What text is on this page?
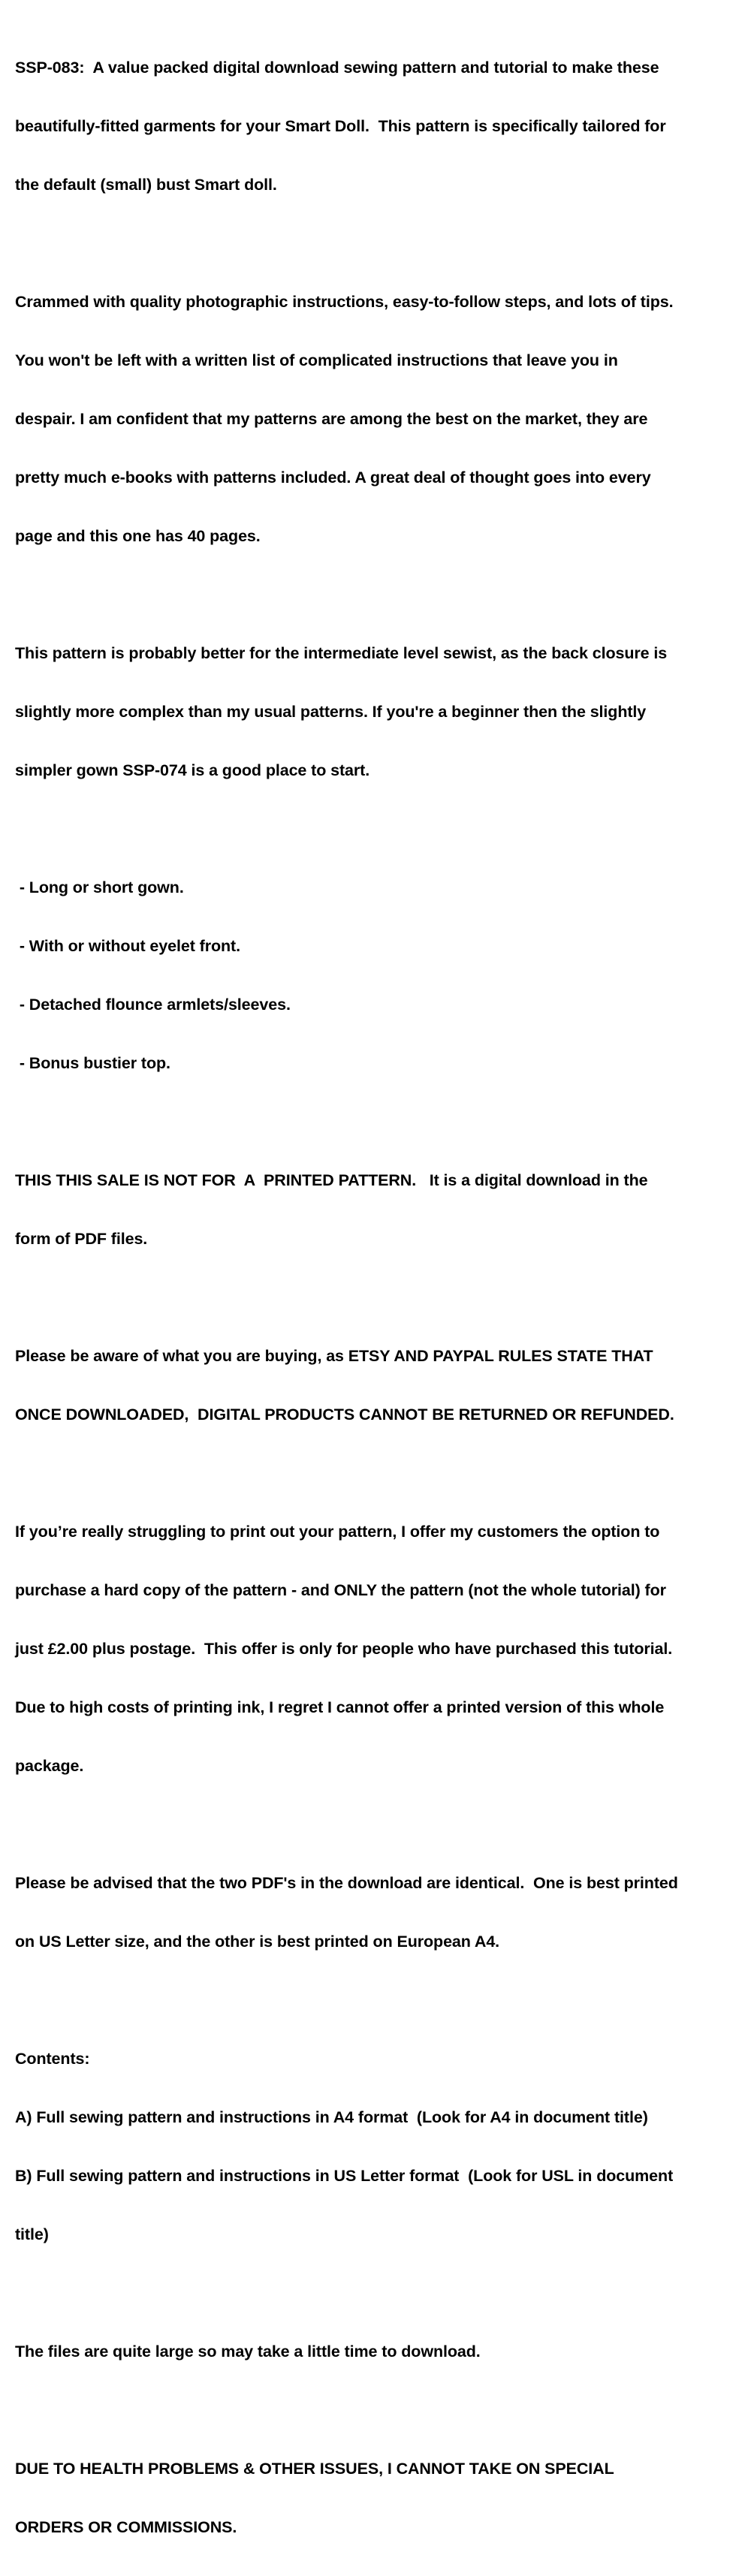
SSP-083:  A value packed digital download sewing pattern and tutorial to make these

beautifully-fitted garments for your Smart Doll.  This pattern is specifically tailored for

the default (small) bust Smart doll.

Crammed with quality photographic instructions, easy-to-follow steps, and lots of tips.

You won't be left with a written list of complicated instructions that leave you in

despair. I am confident that my patterns are among the best on the market, they are

pretty much e-books with patterns included. A great deal of thought goes into every

page and this one has 40 pages.

This pattern is probably better for the intermediate level sewist, as the back closure is

slightly more complex than my usual patterns. If you're a beginner then the slightly

simpler gown SSP-074 is a good place to start.

- Long or short gown.

- With or without eyelet front.

- Detached flounce armlets/sleeves.

- Bonus bustier top.

THIS THIS SALE IS NOT FOR  A  PRINTED PATTERN.   It is a digital download in the

form of PDF files.

Please be aware of what you are buying, as ETSY AND PAYPAL RULES STATE THAT

ONCE DOWNLOADED,  DIGITAL PRODUCTS CANNOT BE RETURNED OR REFUNDED.

If you’re really struggling to print out your pattern, I offer my customers the option to

purchase a hard copy of the pattern - and ONLY the pattern (not the whole tutorial) for

just £2.00 plus postage.  This offer is only for people who have purchased this tutorial.

Due to high costs of printing ink, I regret I cannot offer a printed version of this whole

package.

Please be advised that the two PDF's in the download are identical.  One is best printed

on US Letter size, and the other is best printed on European A4.

Contents:

A) Full sewing pattern and instructions in A4 format  (Look for A4 in document title)

B) Full sewing pattern and instructions in US Letter format  (Look for USL in document

title)

The files are quite large so may take a little time to download.

DUE TO HEALTH PROBLEMS & OTHER ISSUES, I CANNOT TAKE ON SPECIAL

ORDERS OR COMMISSIONS.
